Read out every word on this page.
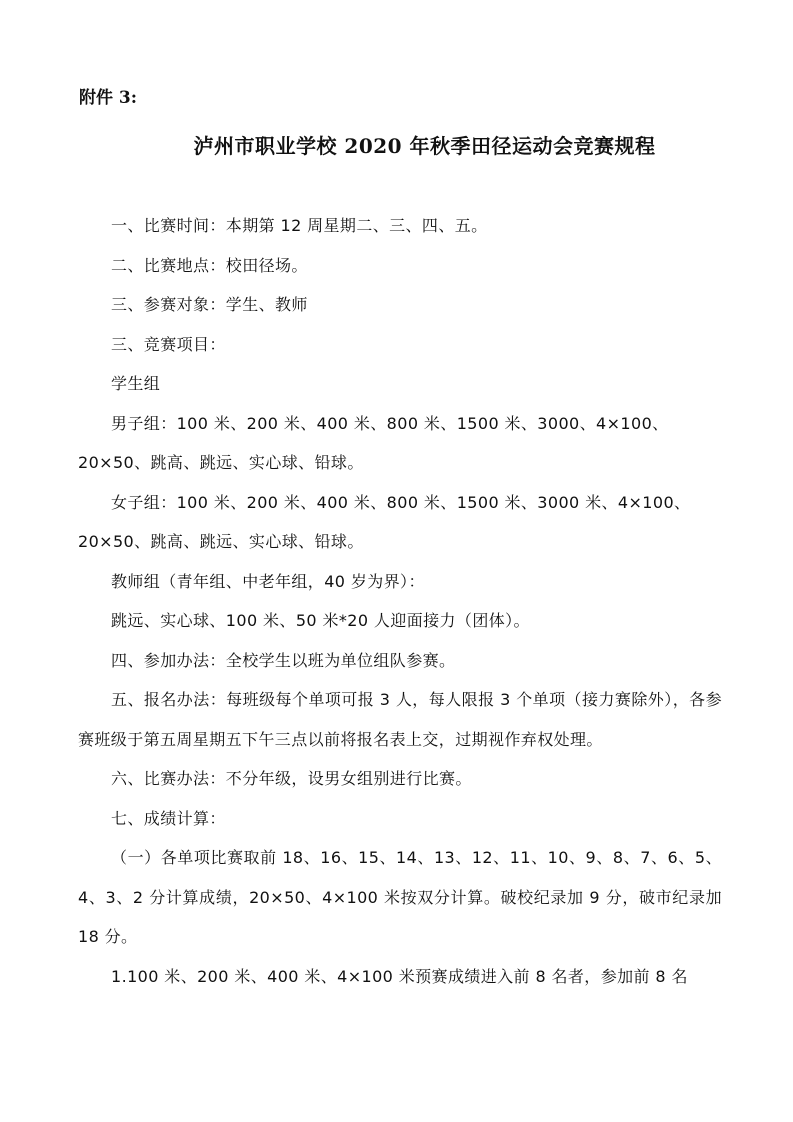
附件 3:
泸州市职业学校 2020 年秋季田径运动会竞赛规程

一、比赛时间：本期第 12 周星期二、三、四、五。

二、比赛地点：校田径场。

三、参赛对象：学生、教师

三、竞赛项目：

学生组

男子组：100 米、200 米、400 米、800 米、1500 米、3000、4×100、

20×50、跳高、跳远、实心球、铅球。

女子组：100 米、200 米、400 米、800 米、1500 米、3000 米、4×100、

20×50、跳高、跳远、实心球、铅球。

教师组（青年组、中老年组，40 岁为界）：

跳远、实心球、100 米、50 米*20 人迎面接力（团体）。

四、参加办法：全校学生以班为单位组队参赛。

五、报名办法：每班级每个单项可报 3 人，每人限报 3 个单项（接力赛除外），各参赛班级于第五周星期五下午三点以前将报名表上交，过期视作弃权处理。

六、比赛办法：不分年级，设男女组别进行比赛。

七、成绩计算：

（一）各单项比赛取前 18、16、15、14、13、12、11、10、9、8、7、6、5、4、3、2 分计算成绩，20×50、4×100 米按双分计算。破校纪录加 9 分，破市纪录加 18 分。

1.100 米、200 米、400 米、4×100 米预赛成绩进入前 8 名者，参加前 8 名
